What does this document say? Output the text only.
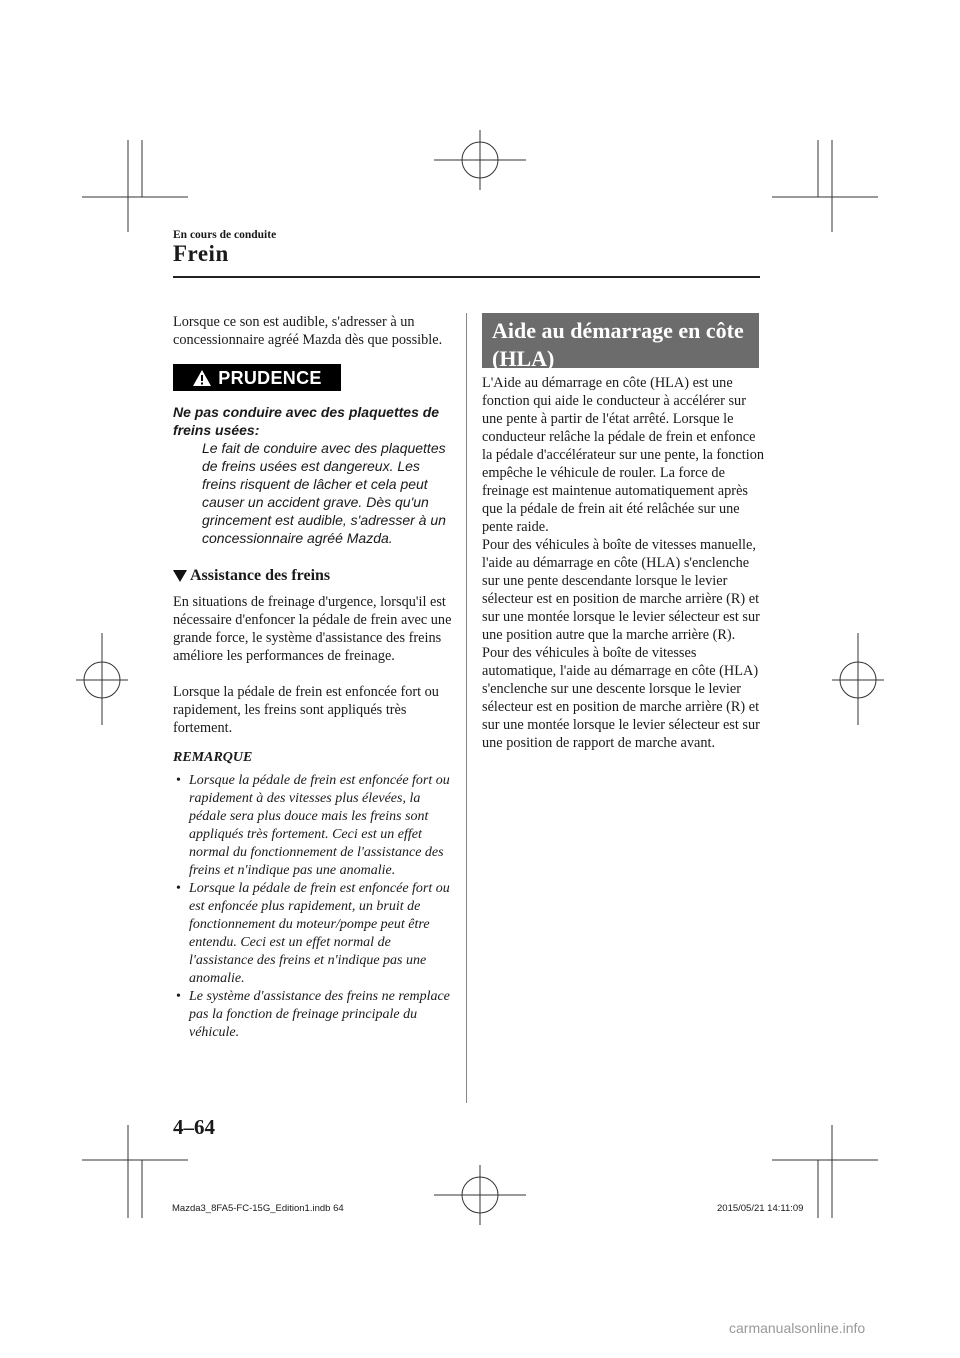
En cours de conduite

Frein

Lorsque ce son est audible, s'adresser à un concessionnaire agréé Mazda dès que possible.

PRUDENCE

Ne pas conduire avec des plaquettes de freins usées:

Le fait de conduire avec des plaquettes de freins usées est dangereux. Les freins risquent de lâcher et cela peut causer un accident grave. Dès qu'un grincement est audible, s'adresser à un concessionnaire agréé Mazda.

Assistance des freins

En situations de freinage d'urgence, lorsqu'il est nécessaire d'enfoncer la pédale de frein avec une grande force, le système d'assistance des freins améliore les performances de freinage.

Lorsque la pédale de frein est enfoncée fort ou rapidement, les freins sont appliqués très fortement.

REMARQUE

• Lorsque la pédale de frein est enfoncée fort ou rapidement à des vitesses plus élevées, la pédale sera plus douce mais les freins sont appliqués très fortement. Ceci est un effet normal du fonctionnement de l'assistance des freins et n'indique pas une anomalie.
• Lorsque la pédale de frein est enfoncée fort ou est enfoncée plus rapidement, un bruit de fonctionnement du moteur/pompe peut être entendu. Ceci est un effet normal de l'assistance des freins et n'indique pas une anomalie.
• Le système d'assistance des freins ne remplace pas la fonction de freinage principale du véhicule.
Aide au démarrage en côte (HLA)

L'Aide au démarrage en côte (HLA) est une fonction qui aide le conducteur à accélérer sur une pente à partir de l'état arrêté. Lorsque le conducteur relâche la pédale de frein et enfonce la pédale d'accélérateur sur une pente, la fonction empêche le véhicule de rouler. La force de freinage est maintenue automatiquement après que la pédale de frein ait été relâchée sur une pente raide.

Pour des véhicules à boîte de vitesses manuelle, l'aide au démarrage en côte (HLA) s'enclenche sur une pente descendante lorsque le levier sélecteur est en position de marche arrière (R) et sur une montée lorsque le levier sélecteur est sur une position autre que la marche arrière (R).

Pour des véhicules à boîte de vitesses automatique, l'aide au démarrage en côte (HLA) s'enclenche sur une descente lorsque le levier sélecteur est en position de marche arrière (R) et sur une montée lorsque le levier sélecteur est sur une position de rapport de marche avant.

4–64

Mazda3_8FA5-FC-15G_Edition1.indb 64	2015/05/21 14:11:09

carmanualsonline.info
